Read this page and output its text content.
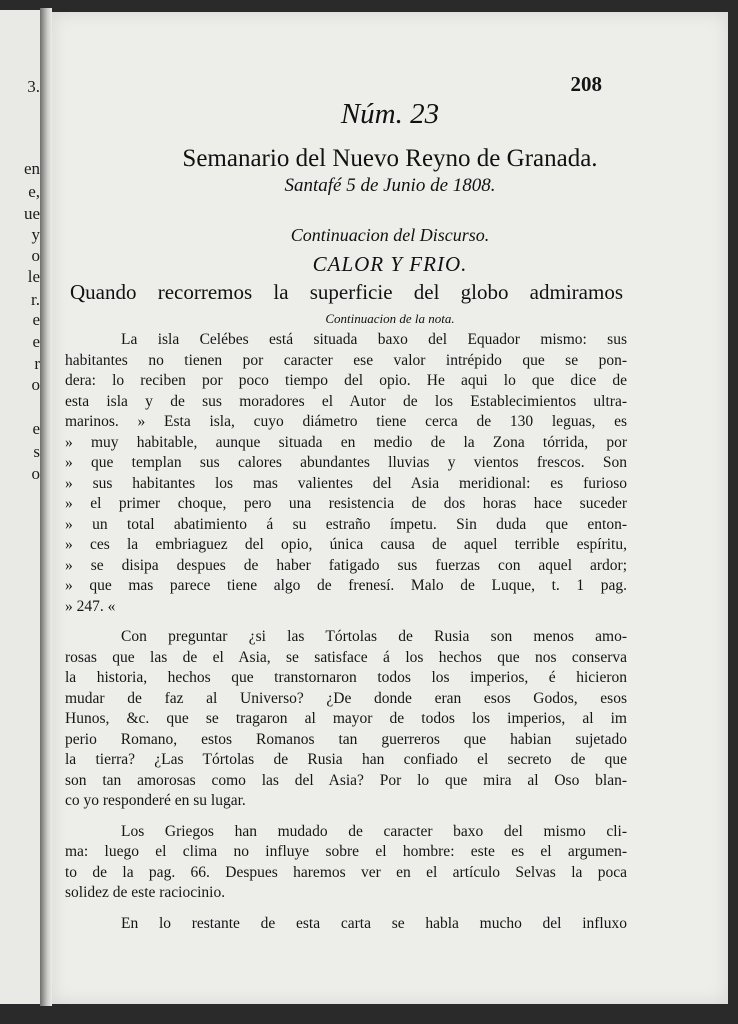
3.
en
e,
ue
y
o
le
r.
e
e
r
o
e
s
o
208
Núm. 23
Semanario del Nuevo Reyno de Granada.
Santafé 5 de Junio de 1808.
Continuacion del Discurso.
CALOR Y FRIO.
Quando recorremos la superficie del globo admiramos
Continuacion de la nota.
La isla Celébes está situada baxo del Equador mismo: sus
habitantes no tienen por caracter ese valor intrépido que se pon-
dera: lo reciben por poco tiempo del opio. He aqui lo que dice de
esta isla y de sus moradores el Autor de los Establecimientos ultra-
marinos. » Esta isla, cuyo diámetro tiene cerca de 130 leguas, es
» muy habitable, aunque situada en medio de la Zona tórrida, por
» que templan sus calores abundantes lluvias y vientos frescos. Son
» sus habitantes los mas valientes del Asia meridional: es furioso
» el primer choque, pero una resistencia de dos horas hace suceder
» un total abatimiento á su estraño ímpetu. Sin duda que enton-
» ces la embriaguez del opio, única causa de aquel terrible espíritu,
» se disipa despues de haber fatigado sus fuerzas con aquel ardor;
» que mas parece tiene algo de frenesí. Malo de Luque, t. 1 pag.
» 247. «
Con preguntar ¿si las Tórtolas de Rusia son menos amo-
rosas que las de el Asia, se satisface á los hechos que nos conserva
la historia, hechos que transtornaron todos los imperios, é hicieron
mudar de faz al Universo? ¿De donde eran esos Godos, esos
Hunos, &c. que se tragaron al mayor de todos los imperios, al im
perio Romano, estos Romanos tan guerreros que habian sujetado
la tierra? ¿Las Tórtolas de Rusia han confiado el secreto de que
son tan amorosas como las del Asia? Por lo que mira al Oso blan-
co yo responderé en su lugar.
Los Griegos han mudado de caracter baxo del mismo cli-
ma: luego el clima no influye sobre el hombre: este es el argumen-
to de la pag. 66. Despues haremos ver en el artículo Selvas la poca
solidez de este raciocinio.
En lo restante de esta carta se habla mucho del influxo
